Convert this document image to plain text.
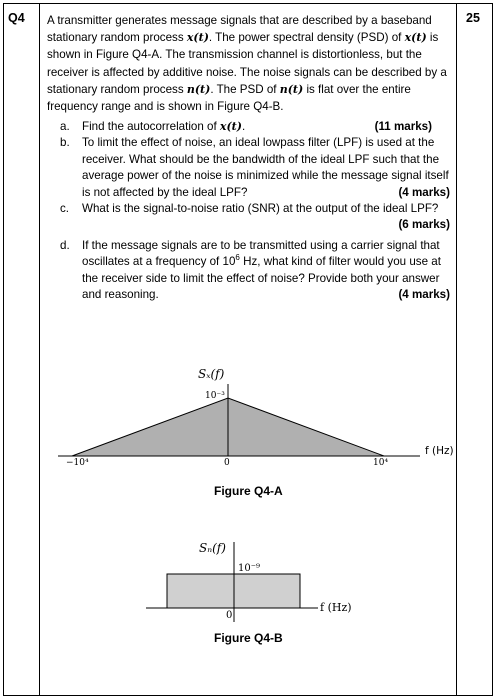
Q4	25
A transmitter generates message signals that are described by a baseband stationary random process x(t). The power spectral density (PSD) of x(t) is shown in Figure Q4-A. The transmission channel is distortionless, but the receiver is affected by additive noise. The noise signals can be described by a stationary random process n(t). The PSD of n(t) is flat over the entire frequency range and is shown in Figure Q4-B.
a. Find the autocorrelation of x(t).	(11 marks)
b. To limit the effect of noise, an ideal lowpass filter (LPF) is used at the receiver. What should be the bandwidth of the ideal LPF such that the average power of the noise is minimized while the message signal itself is not affected by the ideal LPF?	(4 marks)
c. What is the signal-to-noise ratio (SNR) at the output of the ideal LPF?

(6 marks)
d. If the message signals are to be transmitted using a carrier signal that oscillates at a frequency of $10^6$ Hz, what kind of filter would you use at the receiver side to limit the effect of noise? Provide both your answer and reasoning.	(4 marks)
Sₓ(f)
10⁻³
f (Hz)
−10⁴	0	10⁴
Figure Q4-A
Sₙ(f)
10⁻⁹
f (Hz)
0
Figure Q4-B
